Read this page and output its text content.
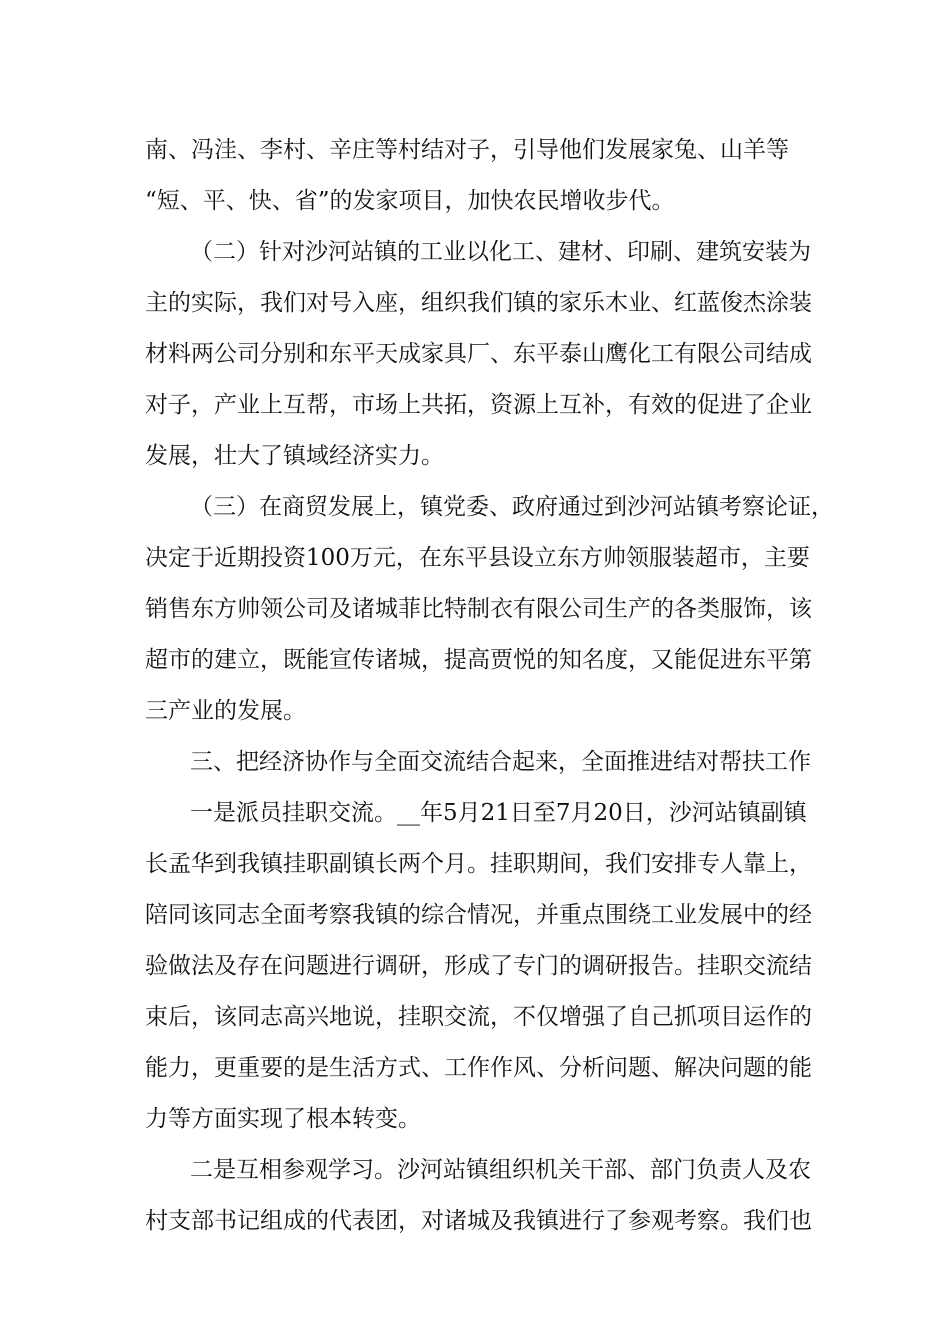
南、冯洼、李村、辛庄等村结对子，引导他们发展家兔、山羊等

“短、平、快、省”的发家项目，加快农民增收步代。

（二）针对沙河站镇的工业以化工、建材、印刷、建筑安装为

主的实际，我们对号入座，组织我们镇的家乐木业、红蓝俊杰涂装

材料两公司分别和东平天成家具厂、东平泰山鹰化工有限公司结成

对子，产业上互帮，市场上共拓，资源上互补，有效的促进了企业

发展，壮大了镇域经济实力。

（三）在商贸发展上，镇党委、政府通过到沙河站镇考察论证，

决定于近期投资100万元，在东平县设立东方帅领服装超市，主要

销售东方帅领公司及诸城菲比特制衣有限公司生产的各类服饰，该

超市的建立，既能宣传诸城，提高贾悦的知名度，又能促进东平第

三产业的发展。

三、把经济协作与全面交流结合起来，全面推进结对帮扶工作

一是派员挂职交流。__年5月21日至7月20日，沙河站镇副镇

长孟华到我镇挂职副镇长两个月。挂职期间，我们安排专人靠上，

陪同该同志全面考察我镇的综合情况，并重点围绕工业发展中的经

验做法及存在问题进行调研，形成了专门的调研报告。挂职交流结

束后，该同志高兴地说，挂职交流，不仅增强了自己抓项目运作的

能力，更重要的是生活方式、工作作风、分析问题、解决问题的能

力等方面实现了根本转变。

二是互相参观学习。沙河站镇组织机关干部、部门负责人及农

村支部书记组成的代表团，对诸城及我镇进行了参观考察。我们也
